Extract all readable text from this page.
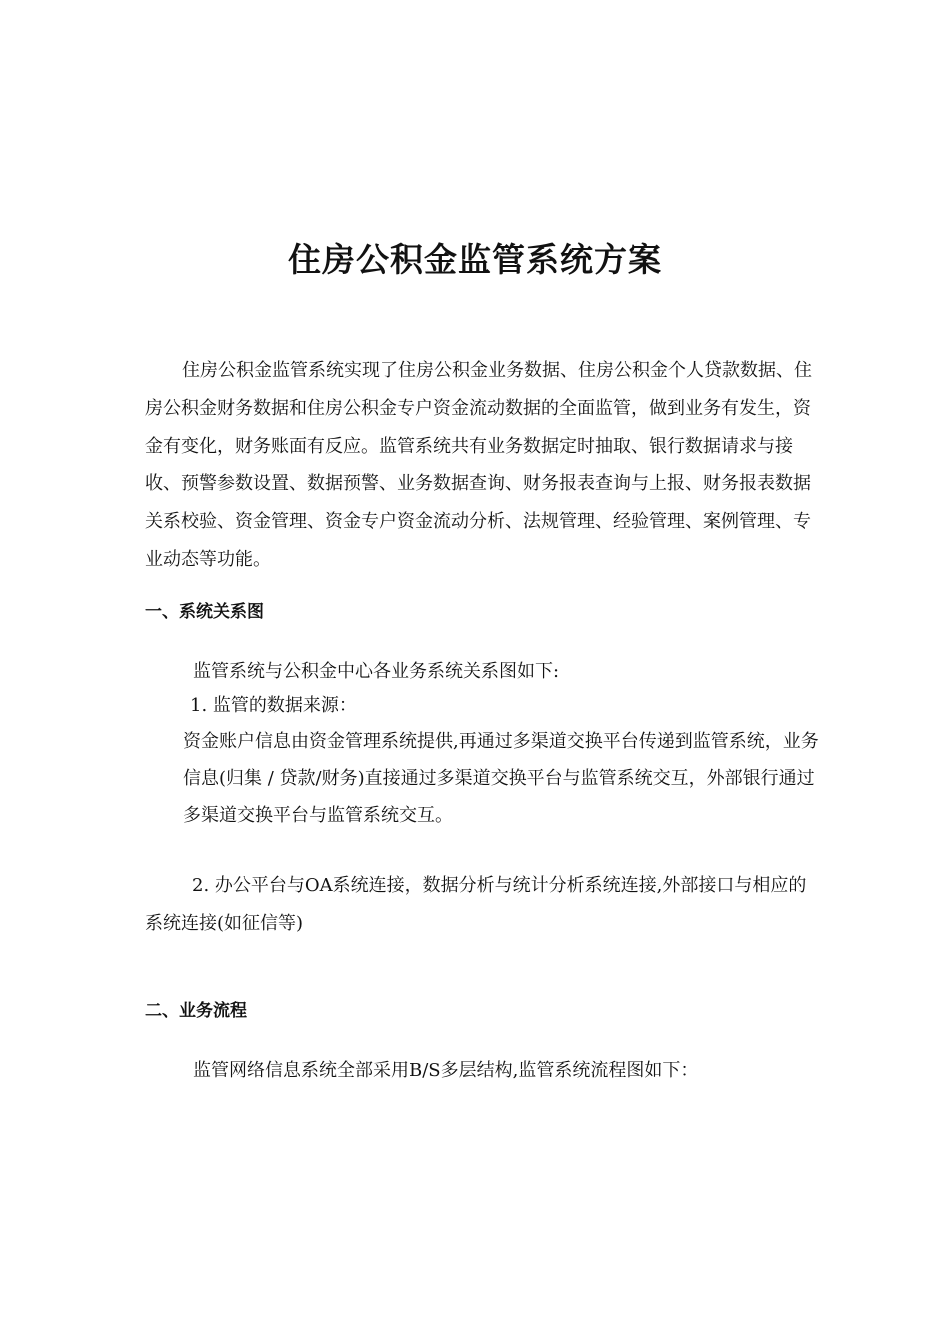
住房公积金监管系统方案
住房公积金监管系统实现了住房公积金业务数据、住房公积金个人贷款数据、住房公积金财务数据和住房公积金专户资金流动数据的全面监管，做到业务有发生，资金有变化，财务账面有反应。监管系统共有业务数据定时抽取、银行数据请求与接收、预警参数设置、数据预警、业务数据查询、财务报表查询与上报、财务报表数据关系校验、资金管理、资金专户资金流动分析、法规管理、经验管理、案例管理、专业动态等功能。
一、系统关系图
监管系统与公积金中心各业务系统关系图如下:
1. 监管的数据来源：
资金账户信息由资金管理系统提供,再通过多渠道交换平台传递到监管系统，业务信息(归集 / 贷款/财务)直接通过多渠道交换平台与监管系统交互，外部银行通过多渠道交换平台与监管系统交互。
2. 办公平台与OA系统连接，数据分析与统计分析系统连接,外部接口与相应的系统连接(如征信等)
二、业务流程
监管网络信息系统全部采用B/S多层结构,监管系统流程图如下：
